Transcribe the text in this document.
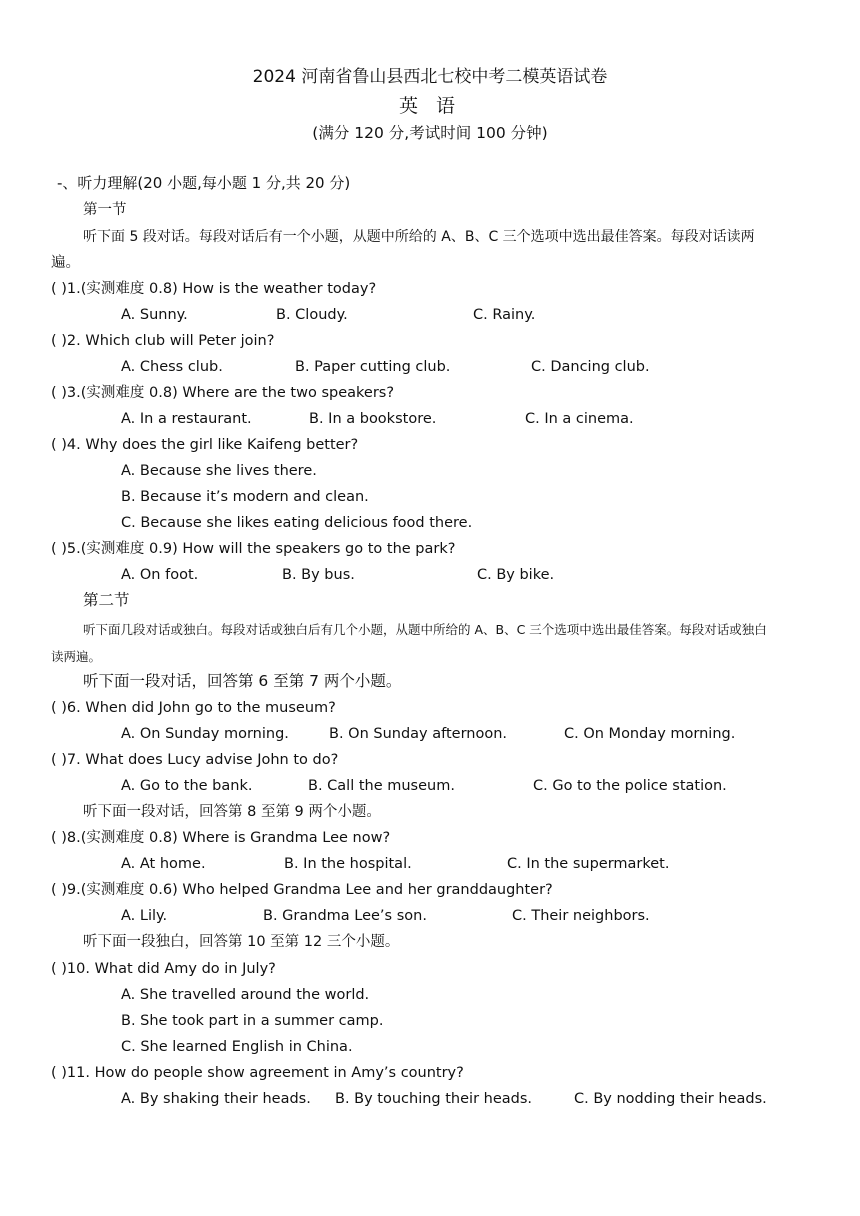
2024 河南省鲁山县西北七校中考二模英语试卷
英 语
(满分 120 分,考试时间 100 分钟)
-、听力理解(20 小题,每小题 1 分,共 20 分)
第一节
听下面 5 段对话。每段对话后有一个小题，从题中所给的 A、B、C 三个选项中选出最佳答案。每段对话读两
遍。
( )1.(实测难度 0.8) How is the weather today?
A. Sunny.	B. Cloudy.	C. Rainy.
( )2. Which club will Peter join?
A. Chess club.	B. Paper cutting club.	C. Dancing club.
( )3.(实测难度 0.8) Where are the two speakers?
A. In a restaurant.	B. In a bookstore.	C. In a cinema.
( )4. Why does the girl like Kaifeng better?
A. Because she lives there.
B. Because it’s modern and clean.
C. Because she likes eating delicious food there.
( )5.(实测难度 0.9) How will the speakers go to the park?
A. On foot.	B. By bus.	C. By bike.
第二节
听下面几段对话或独白。每段对话或独白后有几个小题，从题中所给的 A、B、C 三个选项中选出最佳答案。每段对话或独白
读两遍。
听下面一段对话，回答第 6 至第 7 两个小题。
( )6. When did John go to the museum?
A. On Sunday morning.	B. On Sunday afternoon.	C. On Monday morning.
( )7. What does Lucy advise John to do?
A. Go to the bank.	B. Call the museum.	C. Go to the police station.
听下面一段对话，回答第 8 至第 9 两个小题。
( )8.(实测难度 0.8) Where is Grandma Lee now?
A. At home.	B. In the hospital.	C. In the supermarket.
( )9.(实测难度 0.6) Who helped Grandma Lee and her granddaughter?
A. Lily.	B. Grandma Lee’s son.	C. Their neighbors.
听下面一段独白，回答第 10 至第 12 三个小题。
( )10. What did Amy do in July?
A. She travelled around the world.
B. She took part in a summer camp.
C. She learned English in China.
( )11. How do people show agreement in Amy’s country?
A. By shaking their heads. B. By touching their heads.	C. By nodding their heads.
